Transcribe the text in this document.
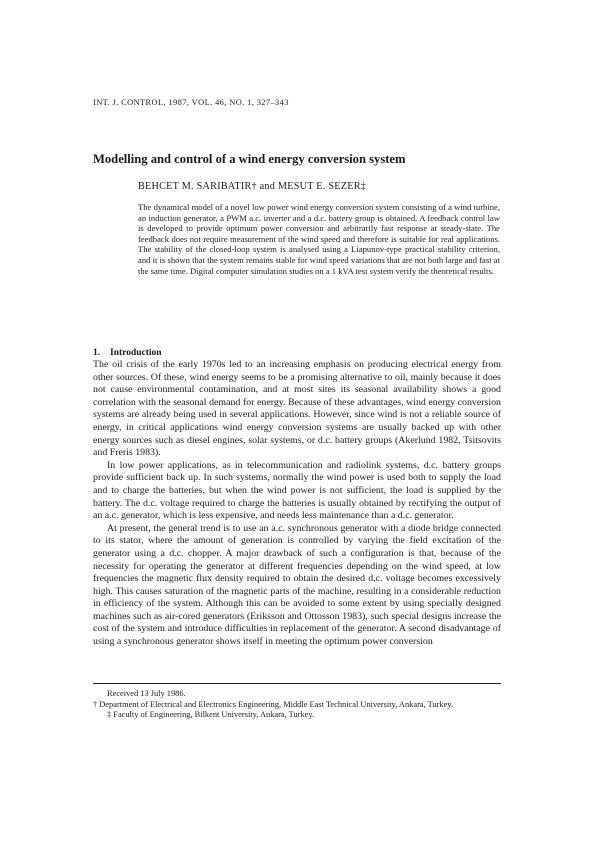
INT. J. CONTROL, 1987, VOL. 46, NO. 1, 327–343
Modelling and control of a wind energy conversion system
BEHCET M. SARIBATIR† and MESUT E. SEZER‡

The dynamical model of a novel low power wind energy conversion system consisting of a wind turbine, an induction generator, a PWM a.c. inverter and a d.c. battery group is obtained. A feedback control law is developed to provide optimum power conversion and arbitrarily fast response at steady-state. The feedback does not require measurement of the wind speed and therefore is suitable for real applications. The stability of the closed-loop system is analysed using a Liapunov-type practical stability criterion, and it is shown that the system remains stable for wind speed variations that are not both large and fast at the same time. Digital computer simulation studies on a 1 kVA test system verify the theoretical results.

1. Introduction

The oil crisis of the early 1970s led to an increasing emphasis on producing electrical energy from other sources. Of these, wind energy seems to be a promising alternative to oil, mainly because it does not cause environmental contamination, and at most sites its seasonal availability shows a good correlation with the seasonal demand for energy. Because of these advantages, wind energy conversion systems are already being used in several applications. However, since wind is not a reliable source of energy, in critical applications wind energy conversion systems are usually backed up with other energy sources such as diesel engines, solar systems, or d.c. battery groups (Akerlund 1982, Tsitsovits and Freris 1983).

In low power applications, as in telecommunication and radiolink systems, d.c. battery groups provide sufficient back up. In such systems, normally the wind power is used both to supply the load and to charge the batteries, but when the wind power is not sufficient, the load is supplied by the battery. The d.c. voltage required to charge the batteries is usually obtained by rectifying the output of an a.c. generator, which is less expensive, and needs less maintenance than a d.c. generator.

At present, the general trend is to use an a.c. synchronous generator with a diode bridge connected to its stator, where the amount of generation is controlled by varying the field excitation of the generator using a d.c. chopper. A major drawback of such a configuration is that, because of the necessity for operating the generator at different frequencies depending on the wind speed, at low frequencies the magnetic flux density required to obtain the desired d.c. voltage becomes excessively high. This causes saturation of the magnetic parts of the machine, resulting in a considerable reduction in efficiency of the system. Although this can be avoided to some extent by using specially designed machines such as air-cored generators (Eriksson and Ottosson 1983), such special designs increase the cost of the system and introduce difficulties in replacement of the generator. A second disadvantage of using a synchronous generator shows itself in meeting the optimum power conversion

Received 13 July 1986.

† Department of Electrical and Electronics Engineering, Middle East Technical University, Ankara, Turkey.

‡ Faculty of Engineering, Bilkent University, Ankara, Turkey.
